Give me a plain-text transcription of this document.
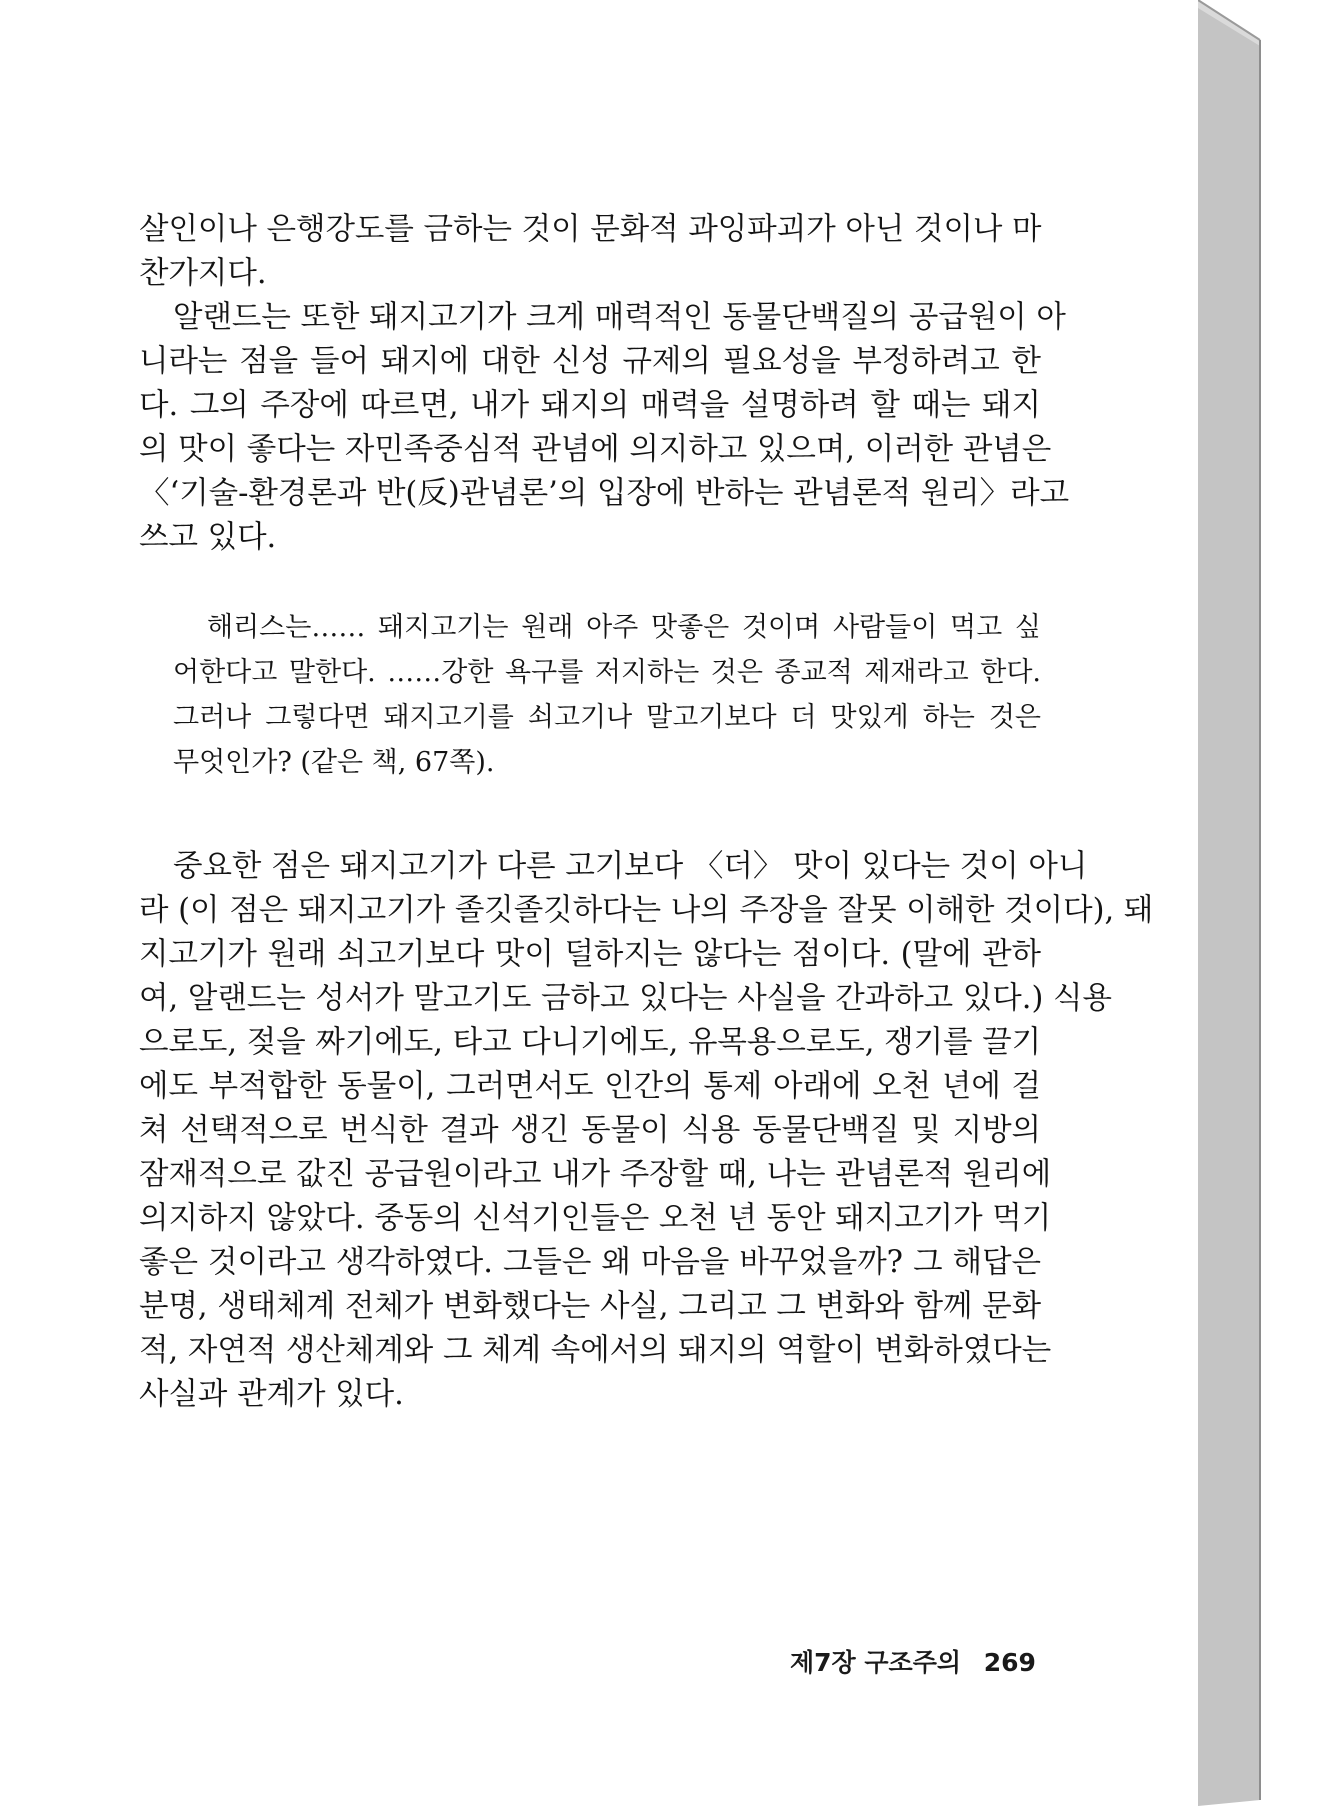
살인이나 은행강도를 금하는 것이 문화적 과잉파괴가 아닌 것이나 마
찬가지다.

알랜드는 또한 돼지고기가 크게 매력적인 동물단백질의 공급원이 아
니라는 점을 들어 돼지에 대한 신성 규제의 필요성을 부정하려고 한
다. 그의 주장에 따르면, 내가 돼지의 매력을 설명하려 할 때는 돼지
의 맛이 좋다는 자민족중심적 관념에 의지하고 있으며, 이러한 관념은
〈‘기술-환경론과 반(反)관념론’의 입장에 반하는 관념론적 원리〉라고
쓰고 있다.

해리스는…… 돼지고기는 원래 아주 맛좋은 것이며 사람들이 먹고 싶
어한다고 말한다. ……강한 욕구를 저지하는 것은 종교적 제재라고 한다.
그러나 그렇다면 돼지고기를 쇠고기나 말고기보다 더 맛있게 하는 것은
무엇인가? (같은 책, 67쪽).

중요한 점은 돼지고기가 다른 고기보다 〈더〉 맛이 있다는 것이 아니
라 (이 점은 돼지고기가 졸깃졸깃하다는 나의 주장을 잘못 이해한 것이다), 돼
지고기가 원래 쇠고기보다 맛이 덜하지는 않다는 점이다. (말에 관하
여, 알랜드는 성서가 말고기도 금하고 있다는 사실을 간과하고 있다.) 식용
으로도, 젖을 짜기에도, 타고 다니기에도, 유목용으로도, 쟁기를 끌기
에도 부적합한 동물이, 그러면서도 인간의 통제 아래에 오천 년에 걸
쳐 선택적으로 번식한 결과 생긴 동물이 식용 동물단백질 및 지방의
잠재적으로 값진 공급원이라고 내가 주장할 때, 나는 관념론적 원리에
의지하지 않았다. 중동의 신석기인들은 오천 년 동안 돼지고기가 먹기
좋은 것이라고 생각하였다. 그들은 왜 마음을 바꾸었을까? 그 해답은
분명, 생태체계 전체가 변화했다는 사실, 그리고 그 변화와 함께 문화
적, 자연적 생산체계와 그 체계 속에서의 돼지의 역할이 변화하였다는
사실과 관계가 있다.

제7장 구조주의 269
